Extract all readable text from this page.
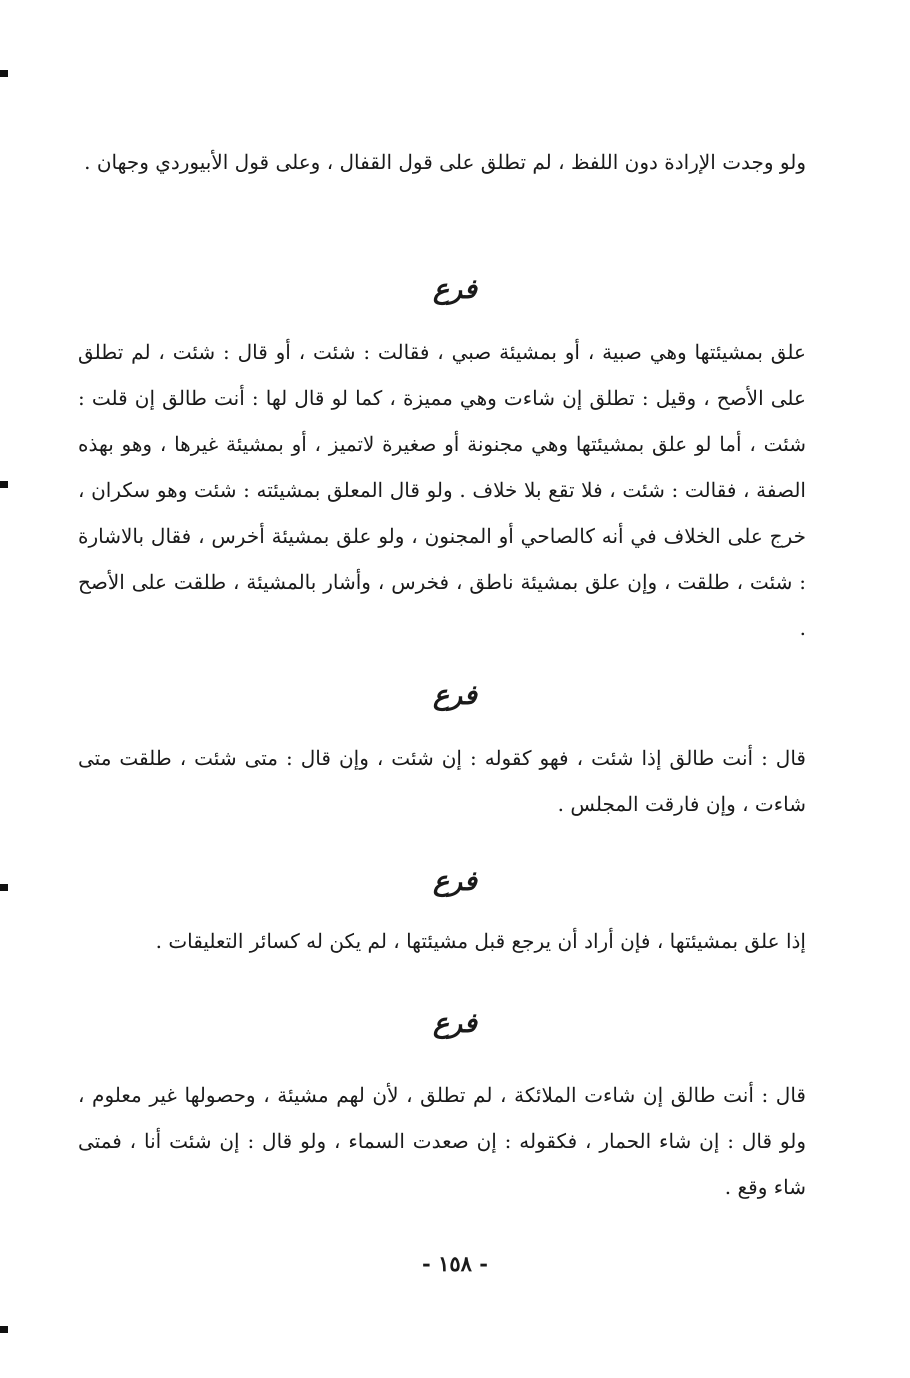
ولو وجدت الإرادة دون اللفظ ، لم تطلق على قول القفال ، وعلى قول الأبيوردي وجهان .

فرع

علق بمشيئتها وهي صبية ، أو بمشيئة صبي ، فقالت : شئت ، أو قال : شئت ، لم تطلق على الأصح ، وقيل : تطلق إن شاءت وهي مميزة ، كما لو قال لها : أنت طالق إن قلت : شئت ، أما لو علق بمشيئتها وهي مجنونة أو صغيرة لاتميز ، أو بمشيئة غيرها ، وهو بهذه الصفة ، فقالت : شئت ، فلا تقع بلا خلاف . ولو قال المعلق بمشيئته : شئت وهو سكران ، خرج على الخلاف في أنه كالصاحي أو المجنون ، ولو علق بمشيئة أخرس ، فقال بالاشارة : شئت ، طلقت ، وإن علق بمشيئة ناطق ، فخرس ، وأشار بالمشيئة ، طلقت على الأصح .

فرع

قال : أنت طالق إذا شئت ، فهو كقوله : إن شئت ، وإن قال : متى شئت ، طلقت متى شاءت ، وإن فارقت المجلس .

فرع

إذا علق بمشيئتها ، فإن أراد أن يرجع قبل مشيئتها ، لم يكن له كسائر التعليقات .

فرع

قال : أنت طالق إن شاءت الملائكة ، لم تطلق ، لأن لهم مشيئة ، وحصولها غير معلوم ، ولو قال : إن شاء الحمار ، فكقوله : إن صعدت السماء ، ولو قال : إن شئت أنا ، فمتى شاء وقع .

- ١٥٨ -
